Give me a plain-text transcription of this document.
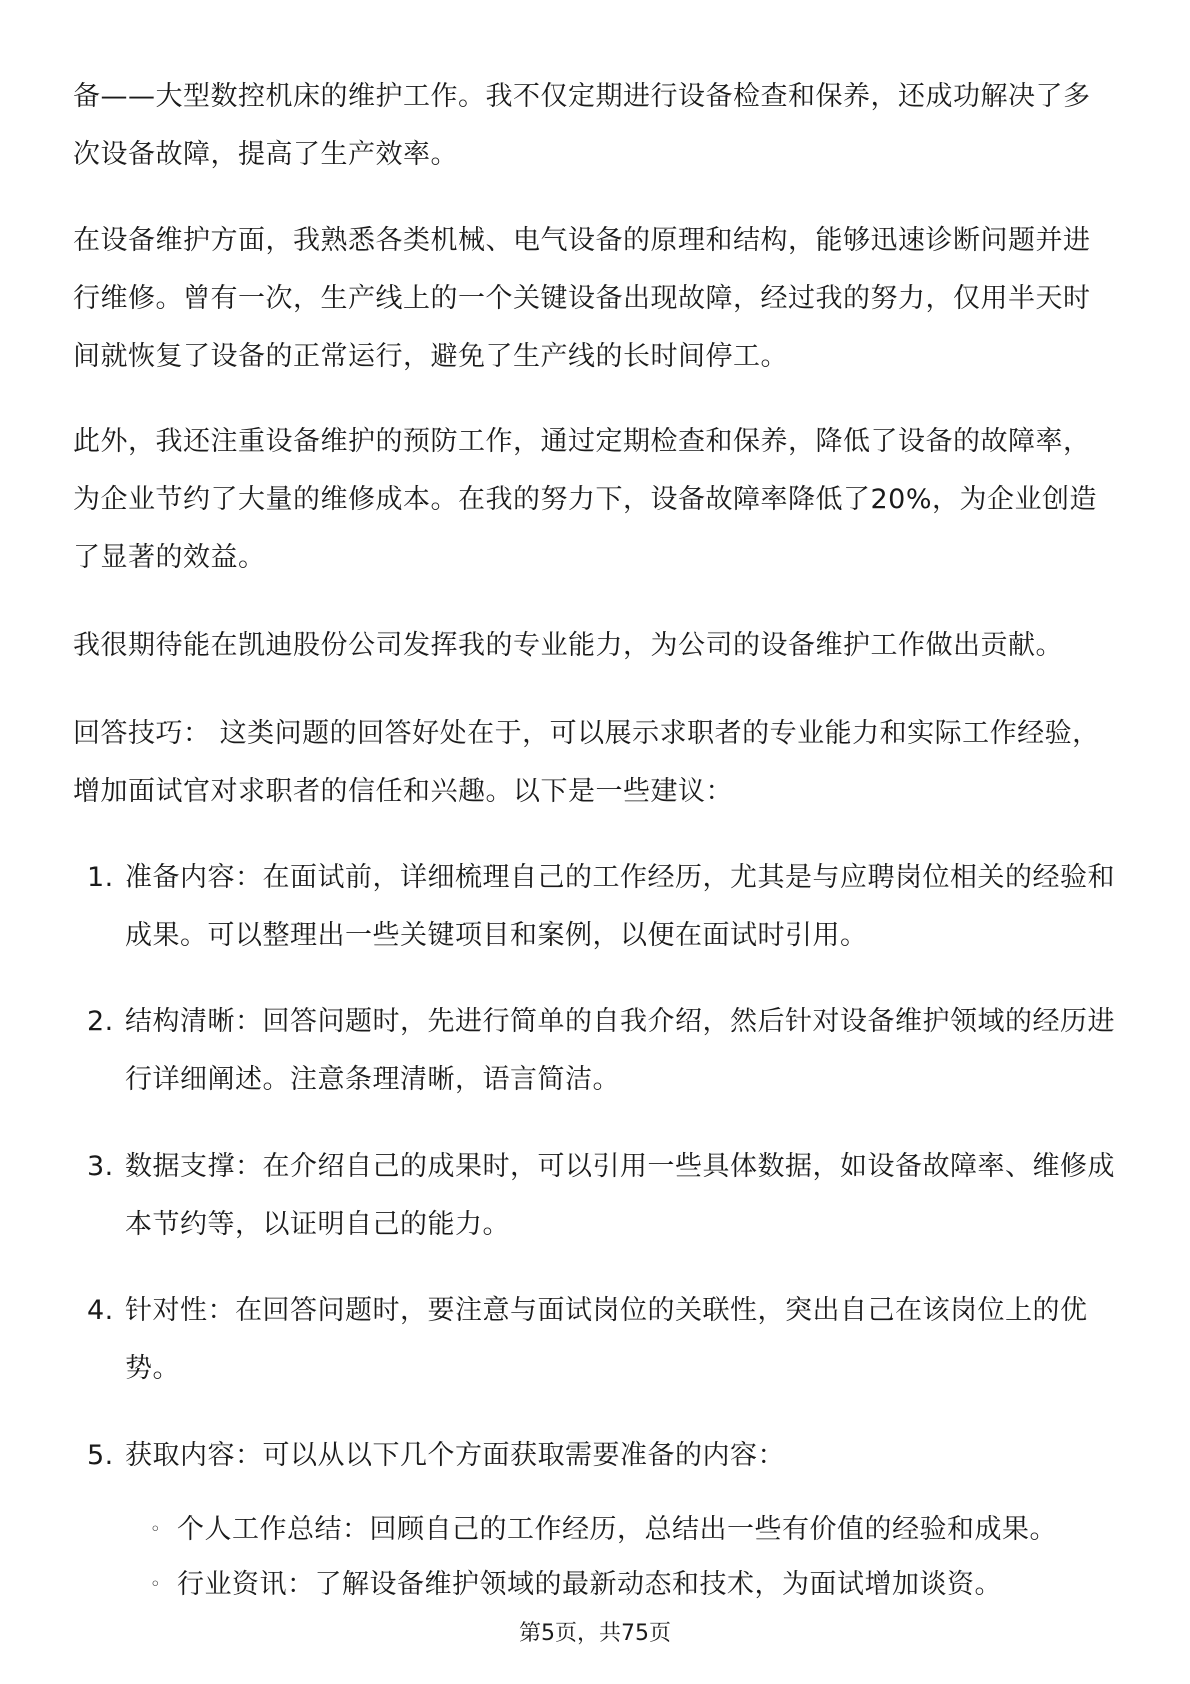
备——大型数控机床的维护工作。我不仅定期进行设备检查和保养，还成功解决了多次设备故障，提高了生产效率。

在设备维护方面，我熟悉各类机械、电气设备的原理和结构，能够迅速诊断问题并进行维修。曾有一次，生产线上的一个关键设备出现故障，经过我的努力，仅用半天时间就恢复了设备的正常运行，避免了生产线的长时间停工。

此外，我还注重设备维护的预防工作，通过定期检查和保养，降低了设备的故障率，为企业节约了大量的维修成本。在我的努力下，设备故障率降低了20%，为企业创造了显著的效益。

我很期待能在凯迪股份公司发挥我的专业能力，为公司的设备维护工作做出贡献。

回答技巧： 这类问题的回答好处在于，可以展示求职者的专业能力和实际工作经验，增加面试官对求职者的信任和兴趣。以下是一些建议：

1. 准备内容：在面试前，详细梳理自己的工作经历，尤其是与应聘岗位相关的经验和成果。可以整理出一些关键项目和案例，以便在面试时引用。
2. 结构清晰：回答问题时，先进行简单的自我介绍，然后针对设备维护领域的经历进行详细阐述。注意条理清晰，语言简洁。
3. 数据支撑：在介绍自己的成果时，可以引用一些具体数据，如设备故障率、维修成本节约等，以证明自己的能力。
4. 针对性：在回答问题时，要注意与面试岗位的关联性，突出自己在该岗位上的优势。
5. 获取内容：可以从以下几个方面获取需要准备的内容：
◦ 个人工作总结：回顾自己的工作经历，总结出一些有价值的经验和成果。
◦ 行业资讯：了解设备维护领域的最新动态和技术，为面试增加谈资。
第5页，共75页
